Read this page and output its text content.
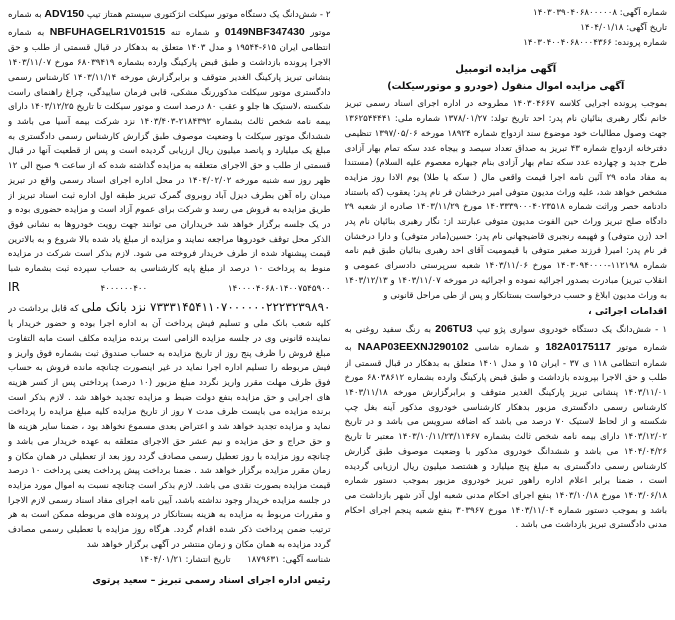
شماره آگهی: ۱۴۰۳۰۳۹۰۴۰۶۸۰۰۰۰۰۸
تاریخ آگهی: ۱۴۰۴/۰۱/۱۸
شماره پرونده: ۱۴۰۳۰۴۰۰۴۰۶۸۰۰۰۴۳۶۶
آگهی مزایده اتومبیل
آگهی مزایده اموال منقول (خودرو و موتورسیکلت)

بموجب پرونده اجرایی کلاسه ۱۴۰۳۰۴۶۶۷ مطروحه در اداره اجرای اسناد رسمی تبریز خانم نگار رهبری بنائیان نام پدر: احد تاریخ تولد: ۱۳۷۸/۰۱/۲۷ شماره ملی: ۱۳۶۲۵۴۴۴۴۱ جهت وصول مطالبات خود موضوع سند ازدواج شماره ۱۸۹۲۴ مورخه ۱۳۹۷/۰۵/۰۶ تنظیمی دفترخانه ازدواج شماره ۴۳ تبریز به صداق تعداد سیصد و بیجاه عدد سکه تمام بهار آزادی طرح جدید و چهارده عدد سکه تمام بهار آزادی بنام جیهاره معصوم علیه السلام) (مستندا به مفاد ماده ۲۹ آئین نامه اجرا قیمت واقعی مال ( سکه یا طلا) یوم الادا روز مزایده مشخص خواهد شد، علیه وراث مدیون متوفی امیر درخشان فر نام پدر: یعقوب (که باستناد دادنامه حصر وراثت شماره ۱۴۰۳۳۳۹۰۰۰۴۰۲۳۵۱۸ مورخ ۱۴۰۳/۱۱/۲۹ صادره از شعبه ۲۹ دادگاه صلح تبریز وراث حین الفوت مدیون متوفی عبارتند از: نگار رهبری بنائیان نام پدر احد (زن متوفی) و فهیمه رنجبری قاضیجهانی نام پدر: حسین(مادر متوفی) و دارا درخشان فر نام پدر: امیر( فرزند صغیر متوفی با قیمومیت آقای احد رهبری بنائیان طبق قیم نامه شماره ۱۱۲۱۹۸-۱۴۰۳۰۹۴۰۰۰۰ مورخ ۱۴۰۳/۱۱/۰۶ شعبه سرپرستی دادسرای عمومی و انقلاب تبریز) مبادرت بصدور اجرائیه نموده و اجرائیه در مورخه ۱۴۰۳/۱۱/۰۷ و ۱۴۰۳/۱۲/۱۳ به وراث مدیون ابلاغ و حسب درخواست بستانکار و پس از طی مراحل قانونی و

اقدامات اجرائی ،

۱ - شش‌دانگ یک دستگاه خودروی سواری پژو تیپ 206TU3 به رنگ سفید روغنی به شماره موتور 182A0175117 و شماره شاسی NAAP03EEXNJ290102 به شماره انتظامی ۱۱۸ ی ۳۷ - ایران ۱۵ و مدل ۱۴۰۱ متعلق به بدهکار در قبال قسمتی از طلب و حق الاجرا بپرونده بازداشت و طبق قبض پارکینگ وارده بشماره ۶۸۰۳۸۶۱۲ مورخ ۱۴۰۳/۱۱/۰۱ پنشانی تبریز پارکینگ الغدیر متوقف و برابرگزارش مورخه ۱۴۰۳/۱۱/۱۸ کارشناس رسمی دادگستری مزبور بدهکار کارشناسی خودروی مذکور آینه بغل چپ شکسته و از لحاظ لاستیک ۷۰ درصد می باشد که اضافه سرویس می باشد و در تاریخ ۱۴۰۳/۱۲/۰۲ دارای بیمه نامه شخص ثالث بشماره ۱۴۰۳/۱۰/۱۱/۲۳/۱۱۴۶۷ معتبر تا تاریخ ۱۴۰۴/۰۴/۲۶ می باشد و ششدانگ خودروی مذکور با وضعیت موصوف طبق گزارش کارشناس رسمی دادگستری به مبلغ پنج میلیارد و هشتصد میلیون ریال ارزیابی گردیده است ، ضمنا برابر اعلام اداره راهور تبریز خودروی مزبور بموجب دستور شماره ۱۴۰۳/۰۶/۱۸ مورخ ۱۴۰۳/۱۰/۱۸ بنفع اجرای احکام مدنی شعبه اول آذر شهر بازداشت می باشد و بموجب دستور شماره ۱۴۰۳/۱۱/۰۴ مورخ ۳۰۳۹۶۷ بنفع شعبه پنجم اجرای احکام مدنی دادگستری تبریز بازداشت می باشد .

۲ - شش‌دانگ یک دستگاه موتور سیکلت انژکتوری سیستم همتاز تیپ ADV150 به شماره موتور 0149NBF347430 و شماره تنه NBFUHAGELR1V01515 به شماره انتظامی ایران ۶۱۵-۱۹۵۴۴ و مدل ۱۴۰۳ متعلق به بدهکار در قبال قسمتی از طلب و حق الاجرا پرونده بازداشت و طبق قبض پارکینگ وارده بشماره ۶۸۰۳۹۴۱۹ مورخ ۱۴۰۳/۱۱/۰۷ بنشانی تبریز پارکینگ الغدیر متوقف و برابرگزارش مورخه ۱۴۰۳/۱۱/۱۴ کارشناس رسمی دادگستری موتور سیکلت مذکوررنگ مشکی، قابی فرمان ساییدگی، چراغ راهنمای راست شکسته ،لاستیک ها جلو و عقب ۸۰ درصد است و موتور سیکلت تا تاریخ ۱۴۰۳/۱۲/۲۵ دارای بیمه نامه شخص ثالث بشماره ۲۱۸۴۳۹۲-۱۴۰۳/۴۰۳ نزد شرکت بیمه آسیا می باشد و ششدانگ موتور سیکلت با وضعیت موصوف طبق گزارش کارشناس رسمی دادگستری به مبلغ یک میلیارد و پانصد میلیون ریال ارزیابی گردیده است و پس از قطعیت آنها در قبال قسمتی از طلب و حق الاجرای متعلقه به مزایده گذاشته شده که از ساعت ۹ صبح الی ۱۲ ظهر روز سه شنبه مورخه ۱۴۰۴/۰۲/۰۲ در محل اداره اجرای اسناد رسمی واقع در تبریز میدان راه آهن بطرف دیزل آباد روبروی گمرک تبریز طبقه اول اداره ثبت اسناد تبریز از طریق مزایده به فروش می رسد و شرکت برای عموم آزاد است و مزایده حضوری بوده و در یک جلسه برگزار خواهد شد خریداران می توانند جهت رویت خودروها به نشانی فوق الذکر محل توقف خودروها مراجعه نمایند و مزایده از مبلغ یاد شده بالا شروع و به بالاترین قیمت پیشنهاد شده از طرف خریدار فروخته می شود. لازم بذکر است شرکت در مزایده منوط به پرداخت ۱۰ درصد از مبلغ پایه کارشناسی به حساب سپرده ثبت بشماره شبا ۱۴۰۰۰۰۴۰۶۸۰۱۴۰۰۷۵۴۵۹۰۰ ۴۰۰۰۰۰۰۴۰۰ IR ۷۳۳۳۱۴۵۴۱۱۰۷۰۰۰۰۰۰۲۲۲۳۲۳۹۸۹۰ نزد بانک ملی که قابل برداشت در کلیه شعب بانک ملی و تسلیم فیش پرداخت آن به اداره اجرا بوده و حضور خریدار یا نماینده قانونی وی در جلسه مزایده الزامی است برنده مزایده مکلف است مابه التفاوت مبلغ فروش را ظرف پنج روز از تاریخ مزایده به حساب صندوق ثبت بشماره فوق واریز و فیش مربوطه را تسلیم اداره اجرا نماید در غیر اینصورت چنانچه مانده فروش به حساب فوق ظرف مهلت مقرر واریز نگردد مبلغ مزبور (۱۰ درصد) پرداختی پس از کسر هزینه های اجرایی و حق مزایده بنفع دولت ضبط و مزایده تجدید خواهد شد . لازم بذکر است برنده مزایده می بایست ظرف مدت ۷ روز از تاریخ مزایده کلیه مبلغ مزایده را پرداخت نماید و مزایده تجدید خواهد شد و اعتراض بعدی مسموع نخواهد بود ، ضمنا سایر هزینه ها و حق حراج و حق مزایده و نیم عشر حق الاجرای متعلقه به عهده خریدار می باشد و چنانچه روز مزایده با روز تعطیل رسمی مصادف گردد روز بعد از تعطیلی در همان مکان و زمان مقرر مزایده برگزار خواهد شد . ضمنا برداخت پیش پرداخت یعنی پرداخت ۱۰ درصد قیمت مزایده بصورت نقدی می باشد. لازم بذکر است چنانچه نسبت به اموال مورد مزایده در جلسه مزایده خریدار وجود نداشته باشد، آیین نامه اجرای مفاد اسناد رسمی لازم الاجرا و مقررات مربوط به مزایده به هزینه بستانکار در پرونده های مربوطه ممکن است به هر ترتیب ضمن پرداخت ذکر شده اقدام گردد. هرگاه روز مزایده با تعطیلی رسمی مصادف گردد مزایده به همان مکان و زمان منتشر در آگهی برگزار خواهد شد

شناسه آگهی: ۱۸۷۹۶۳۱      تاریخ انتشار: ۱۴۰۴/۰۱/۲۱
رئیس اداره اجرای اسناد رسمی تبریز – سعید پرتوی
